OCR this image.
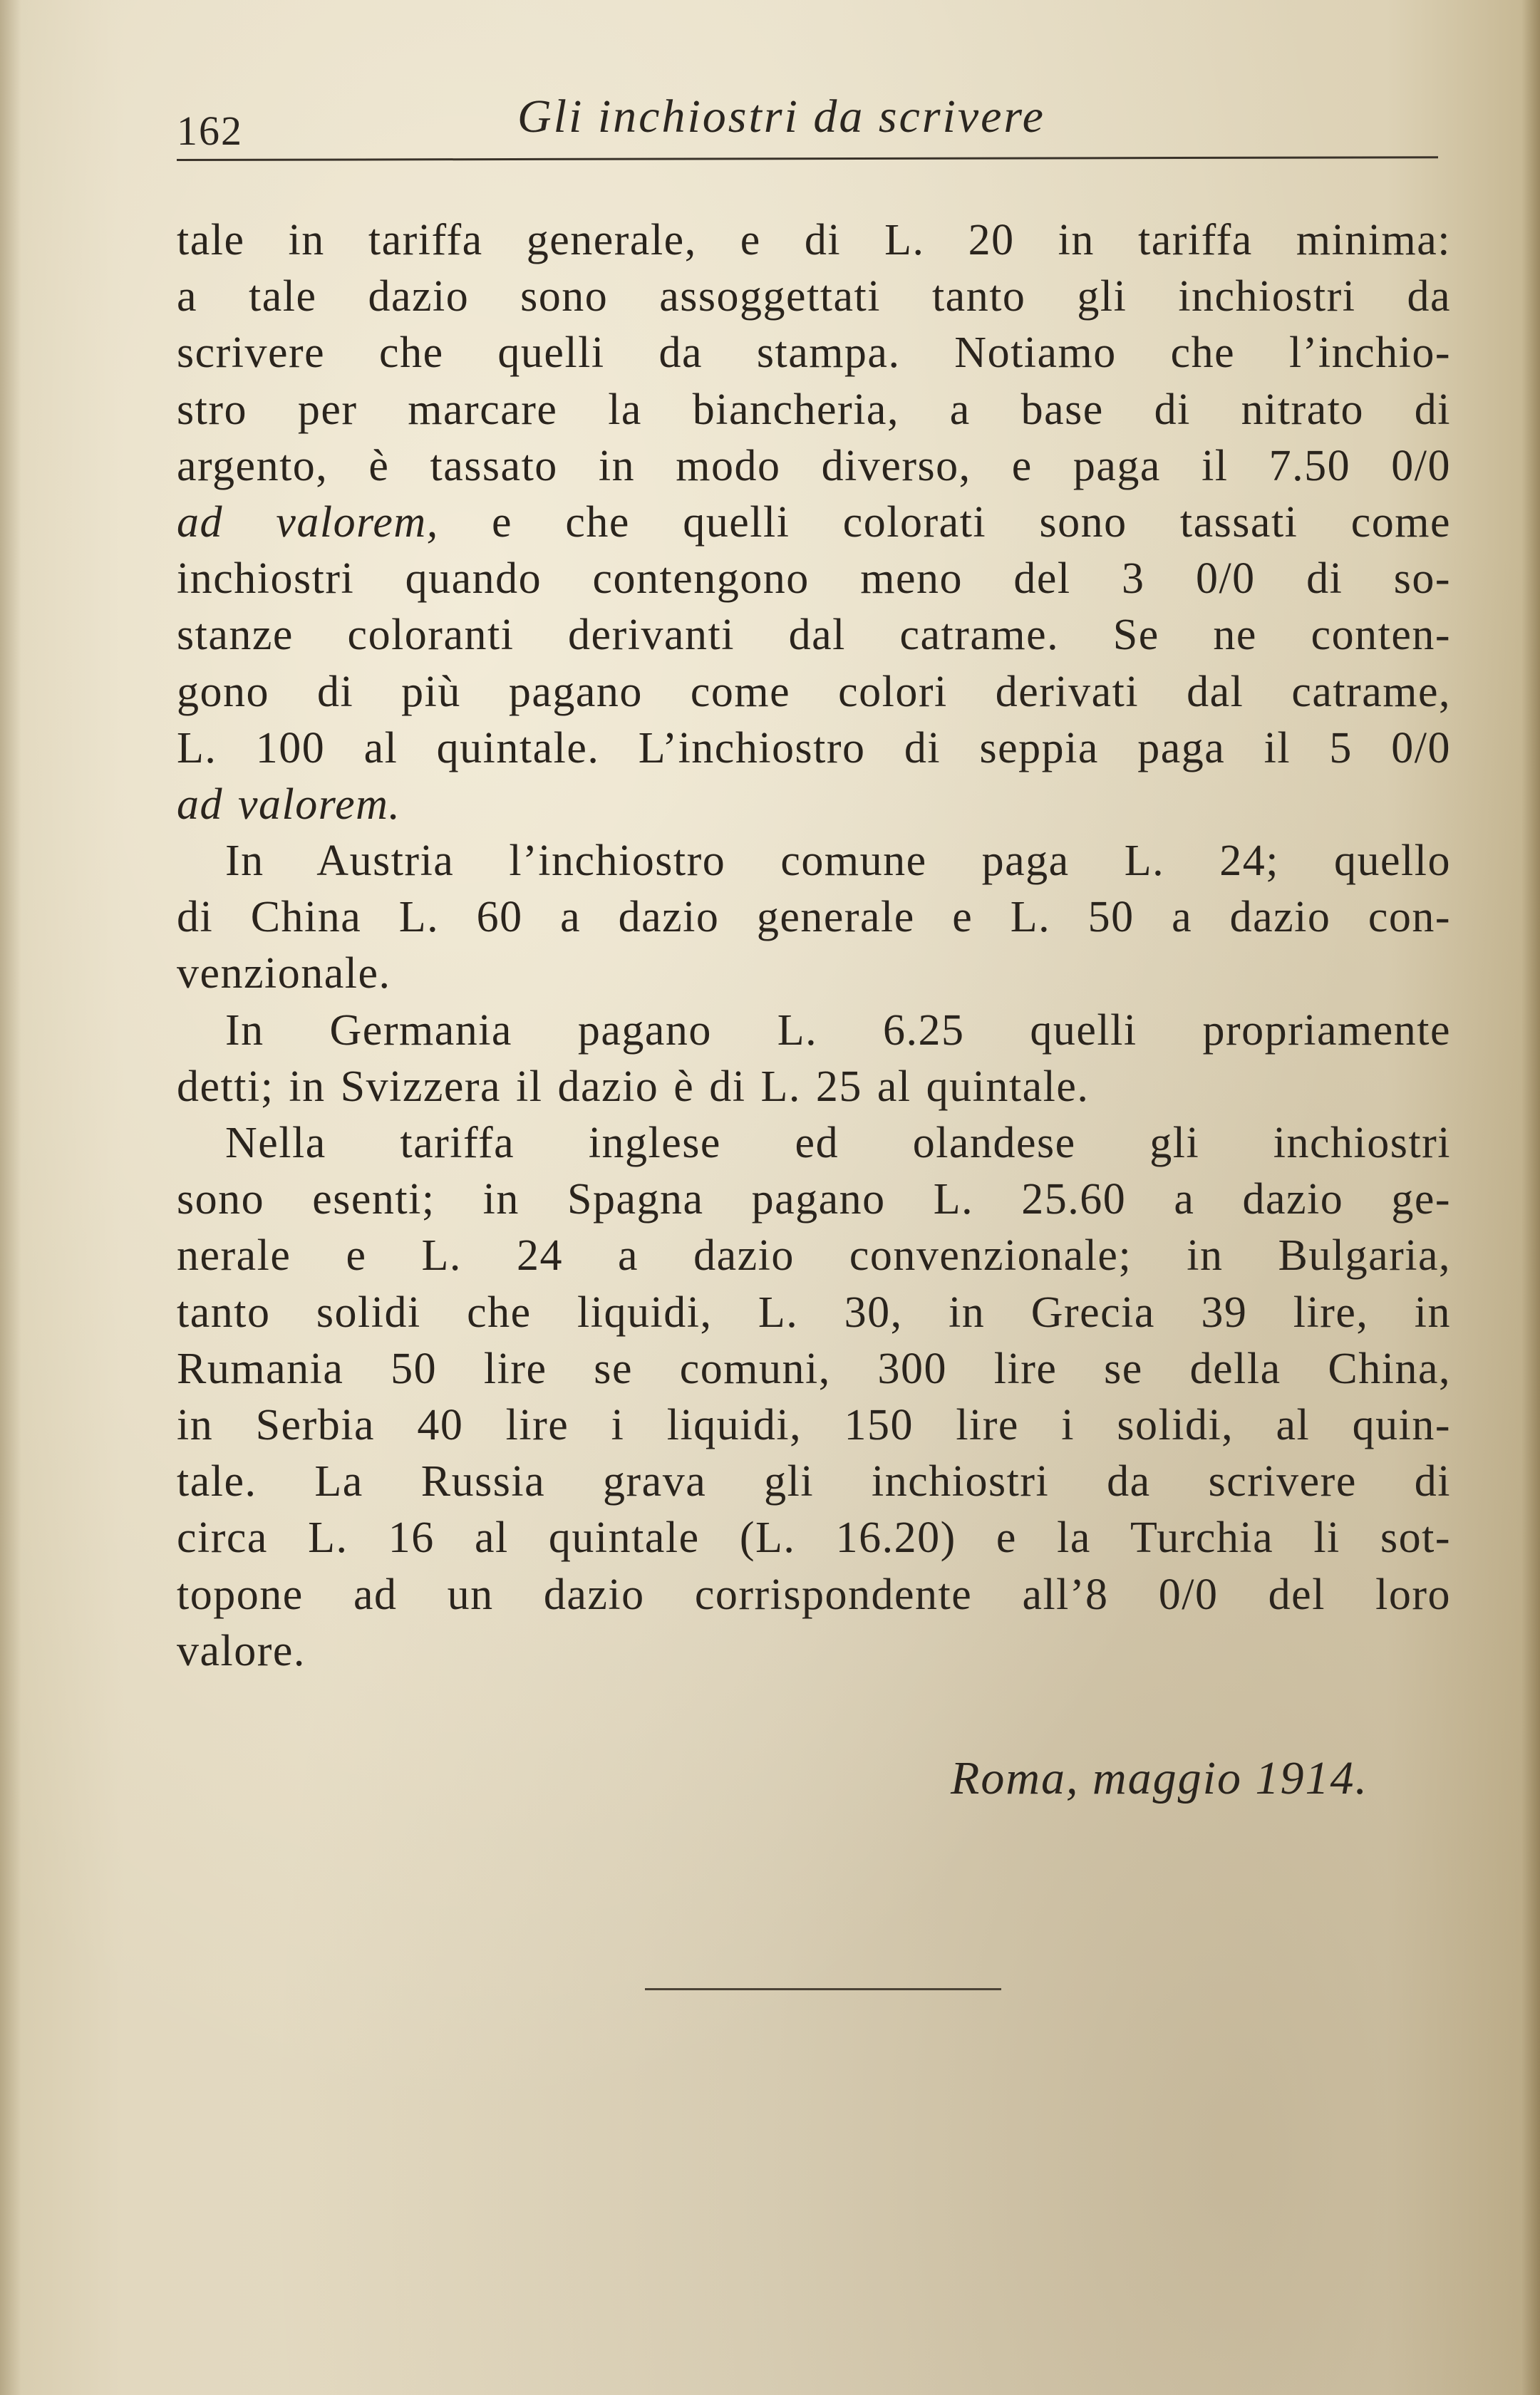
162	Gli inchiostri da scrivere
tale in tariffa generale, e di L. 20 in tariffa minima:
a tale dazio sono assoggettati tanto gli inchiostri da
scrivere che quelli da stampa. Notiamo che l’inchio-
stro per marcare la biancheria, a base di nitrato di
argento, è tassato in modo diverso, e paga il 7.50 0/0
ad valorem, e che quelli colorati sono tassati come
inchiostri quando contengono meno del 3 0/0 di so-
stanze coloranti derivanti dal catrame. Se ne conten-
gono di più pagano come colori derivati dal catrame,
L. 100 al quintale. L’inchiostro di seppia paga il 5 0/0
ad valorem.
In Austria l’inchiostro comune paga L. 24; quello
di China L. 60 a dazio generale e L. 50 a dazio con-
venzionale.
In Germania pagano L. 6.25 quelli propriamente
detti; in Svizzera il dazio è di L. 25 al quintale.
Nella tariffa inglese ed olandese gli inchiostri
sono esenti; in Spagna pagano L. 25.60 a dazio ge-
nerale e L. 24 a dazio convenzionale; in Bulgaria,
tanto solidi che liquidi, L. 30, in Grecia 39 lire, in
Rumania 50 lire se comuni, 300 lire se della China,
in Serbia 40 lire i liquidi, 150 lire i solidi, al quin-
tale. La Russia grava gli inchiostri da scrivere di
circa L. 16 al quintale (L. 16.20) e la Turchia li sot-
topone ad un dazio corrispondente all’8 0/0 del loro
valore.
Roma, maggio 1914.
